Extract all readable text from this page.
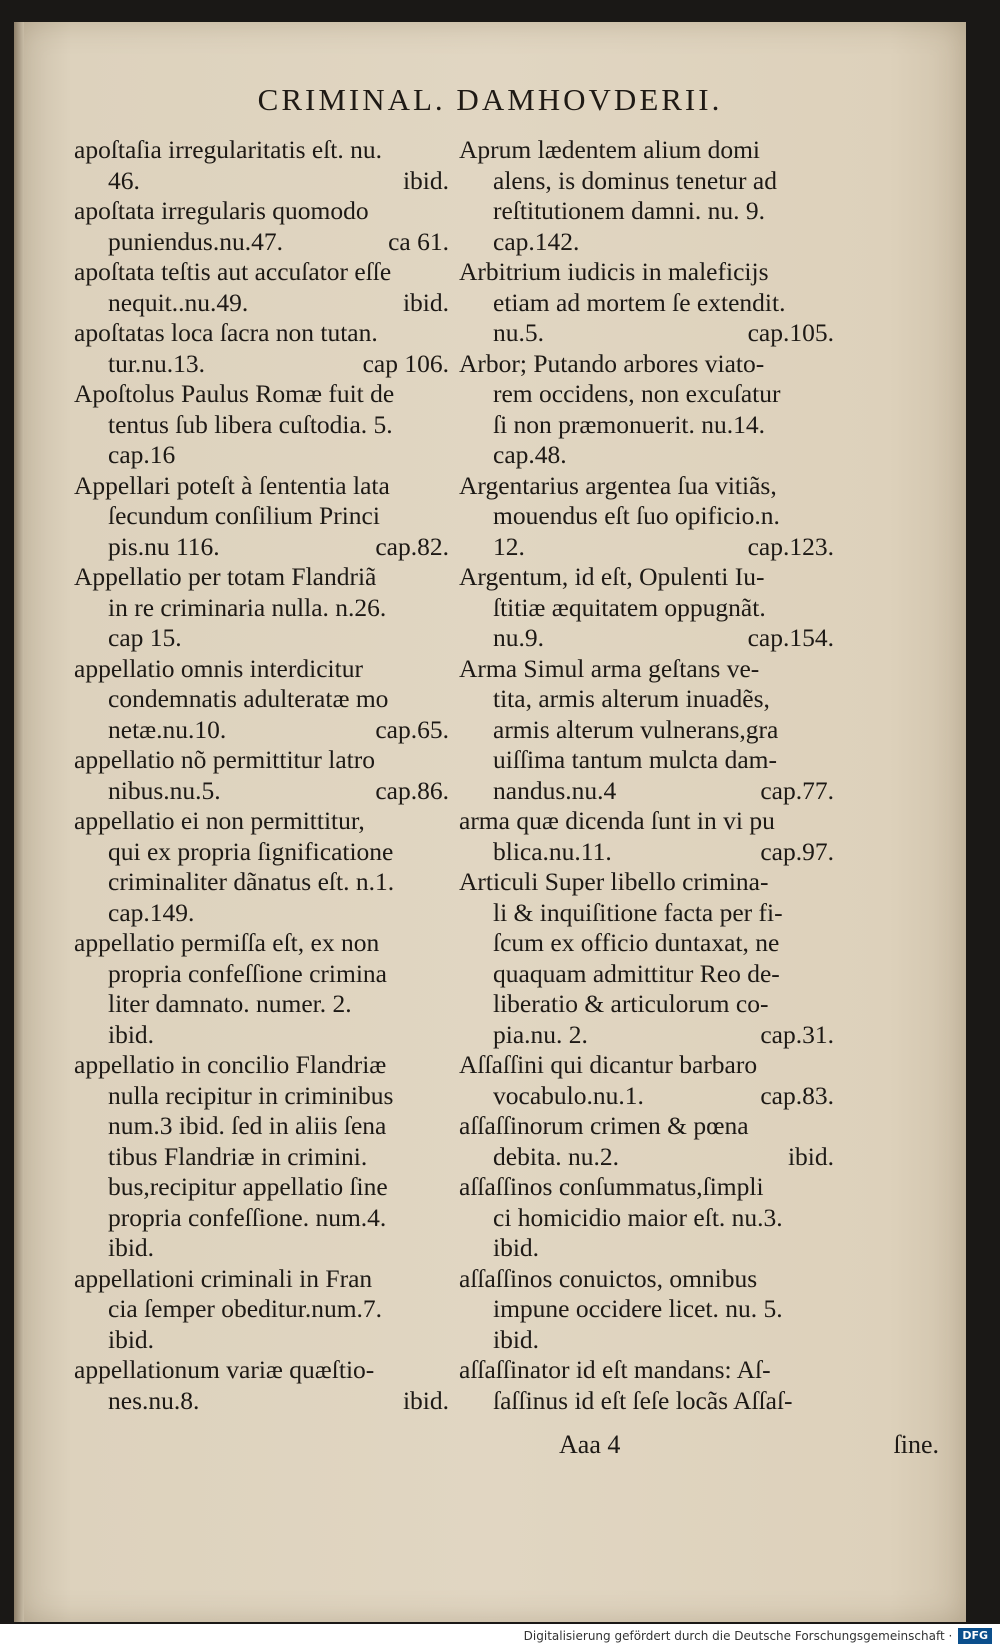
CRIMINAL. DAMHOVDERII.
apoſtaſia irregularitatis eſt. nu.
46.	ibid.
apoſtata irregularis quomodo
puniendus.nu.47.	ca 61.
apoſtata teſtis aut accuſator eſſe
nequit..nu.49.	ibid.
apoſtatas loca ſacra non tutan.
tur.nu.13.	cap 106.
Apoſtolus Paulus Romæ fuit de
tentus ſub libera cuſtodia. 5.
cap.16
Appellari poteſt à ſententia lata
ſecundum conſilium Princi
pis.nu 116.	cap.82.
Appellatio per totam Flandriã
in re criminaria nulla. n.26.
cap 15.
appellatio omnis interdicitur
condemnatis adulteratæ mo
netæ.nu.10.	cap.65.
appellatio nõ permittitur latro
nibus.nu.5.	cap.86.
appellatio ei non permittitur,
qui ex propria ſignificatione
criminaliter dãnatus eſt. n.1.
cap.149.
appellatio permiſſa eſt, ex non
propria confeſſione crimina
liter damnato. numer. 2.
ibid.
appellatio in concilio Flandriæ
nulla recipitur in criminibus
num.3 ibid. ſed in aliis ſena
tibus Flandriæ in crimini.
bus,recipitur appellatio ſine
propria confeſſione. num.4.
ibid.
appellationi criminali in Fran
cia ſemper obeditur.num.7.
ibid.
appellationum variæ quæſtio-
nes.nu.8.	ibid.
Aprum lædentem alium domi
alens, is dominus tenetur ad
reſtitutionem damni. nu. 9.
cap.142.
Arbitrium iudicis in maleficijs
etiam ad mortem ſe extendit.
nu.5.	cap.105.
Arbor; Putando arbores viato-
rem occidens, non excuſatur
ſi non præmonuerit. nu.14.
cap.48.
Argentarius argentea ſua vitiãs,
mouendus eſt ſuo opificio.n.
12.	cap.123.
Argentum, id eſt, Opulenti Iu-
ſtitiæ æquitatem oppugnãt.
nu.9.	cap.154.
Arma Simul arma geſtans ve-
tita, armis alterum inuadẽs,
armis alterum vulnerans,gra
uiſſima tantum mulcta dam-
nandus.nu.4	cap.77.
arma quæ dicenda ſunt in vi pu
blica.nu.11.	cap.97.
Articuli Super libello crimina-
li & inquiſitione facta per fi-
ſcum ex officio duntaxat, ne
quaquam admittitur Reo de-
liberatio & articulorum co-
pia.nu. 2.	cap.31.
Aſſaſſini qui dicantur barbaro
vocabulo.nu.1.	cap.83.
aſſaſſinorum crimen & pœna
debita. nu.2.	ibid.
aſſaſſinos conſummatus,ſimpli
ci homicidio maior eſt. nu.3.
ibid.
aſſaſſinos conuictos, omnibus
impune occidere licet. nu. 5.
ibid.
aſſaſſinator id eſt mandans: Aſ-
ſaſſinus id eſt ſeſe locãs Aſſaſ-
Aaa 4	ſine.
Digitalisierung gefördert durch die Deutsche Forschungsgemeinschaft · DFG
